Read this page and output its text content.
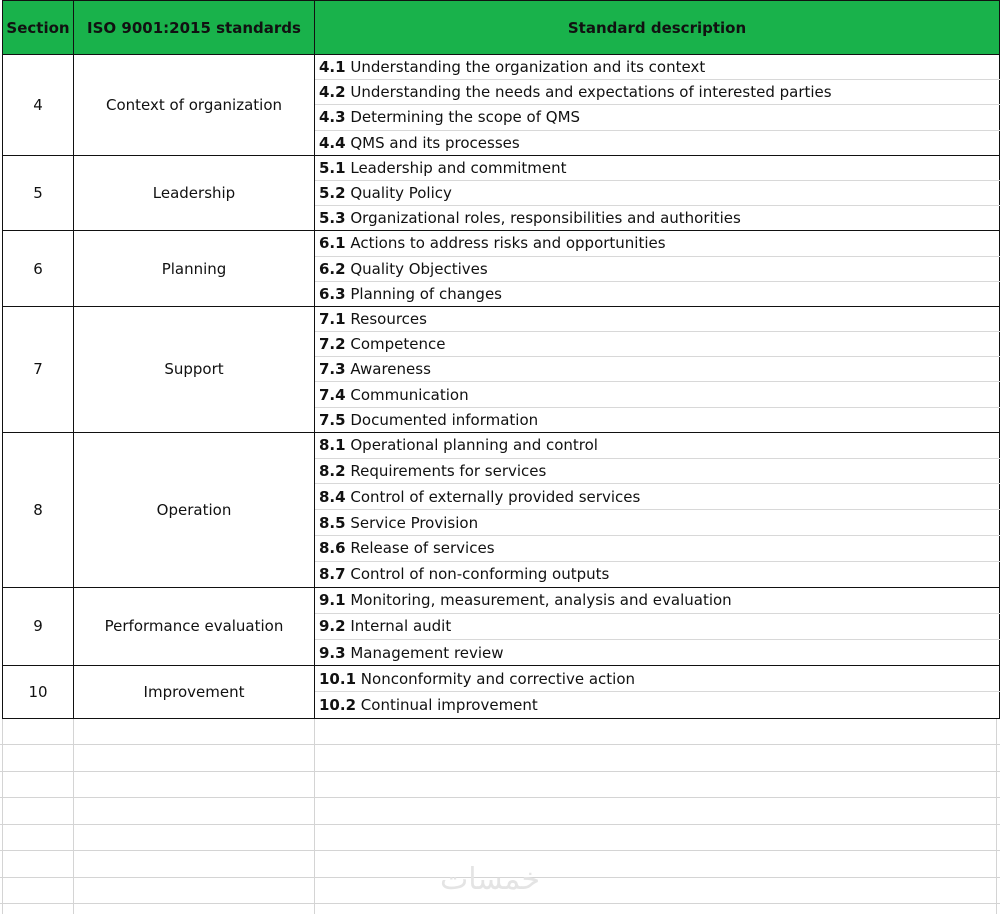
Section	ISO 9001:2015 standards	Standard description
4	Context of organization	4.1 Understanding the organization and its context
		4.2 Understanding the needs and expectations of interested parties
		4.3 Determining the scope of QMS
		4.4 QMS and its processes
5	Leadership	5.1 Leadership and commitment
		5.2 Quality Policy
		5.3 Organizational roles, responsibilities and authorities
6	Planning	6.1 Actions to address risks and opportunities
		6.2 Quality Objectives
		6.3 Planning of changes
7	Support	7.1 Resources
		7.2 Competence
		7.3 Awareness
		7.4 Communication
		7.5 Documented information
8	Operation	8.1 Operational planning and control
		8.2 Requirements for services
		8.4 Control of externally provided services
		8.5 Service Provision
		8.6 Release of services
		8.7 Control of non-conforming outputs
9	Performance evaluation	9.1 Monitoring, measurement, analysis and evaluation
		9.2 Internal audit
		9.3 Management review
10	Improvement	10.1 Nonconformity and corrective action
		10.2 Continual improvement
خمسات
